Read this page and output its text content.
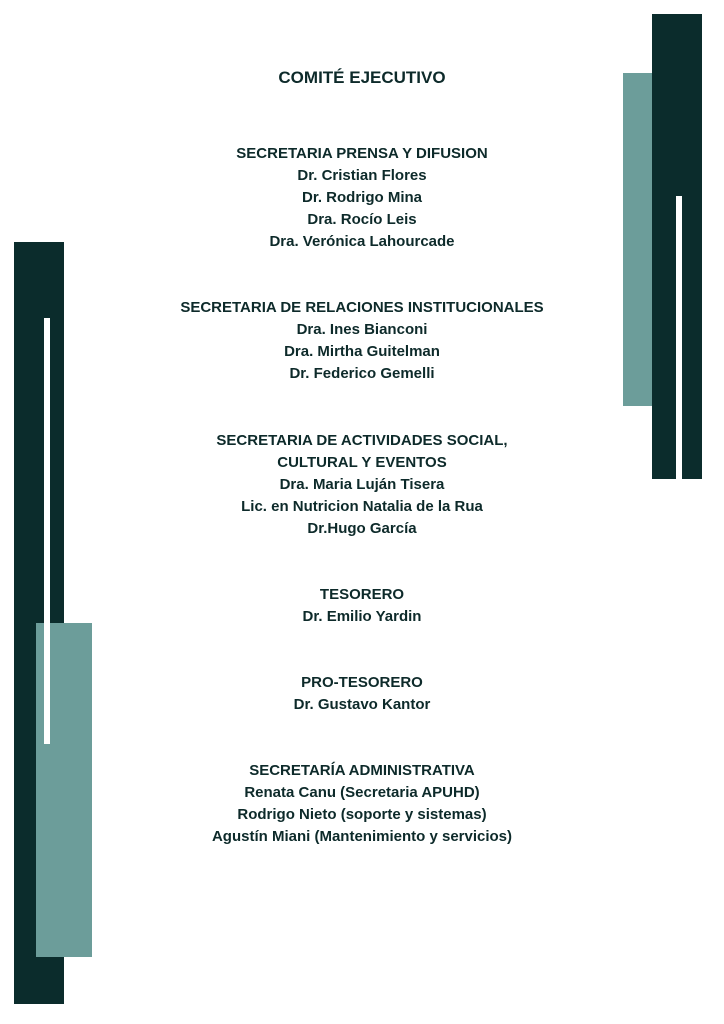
COMITÉ EJECUTIVO
SECRETARIA PRENSA Y DIFUSION
Dr. Cristian Flores
Dr. Rodrigo Mina
Dra. Rocío Leis
Dra. Verónica Lahourcade
SECRETARIA DE RELACIONES INSTITUCIONALES
Dra. Ines Bianconi
Dra. Mirtha Guitelman
Dr. Federico Gemelli
SECRETARIA DE ACTIVIDADES SOCIAL,
CULTURAL Y EVENTOS
Dra. Maria Luján Tisera
Lic. en Nutricion Natalia de la Rua
Dr.Hugo García
TESORERO
Dr. Emilio Yardin
PRO-TESORERO
Dr. Gustavo Kantor
SECRETARÍA ADMINISTRATIVA
Renata Canu (Secretaria APUHD)
Rodrigo Nieto (soporte y sistemas)
Agustín Miani (Mantenimiento y servicios)
